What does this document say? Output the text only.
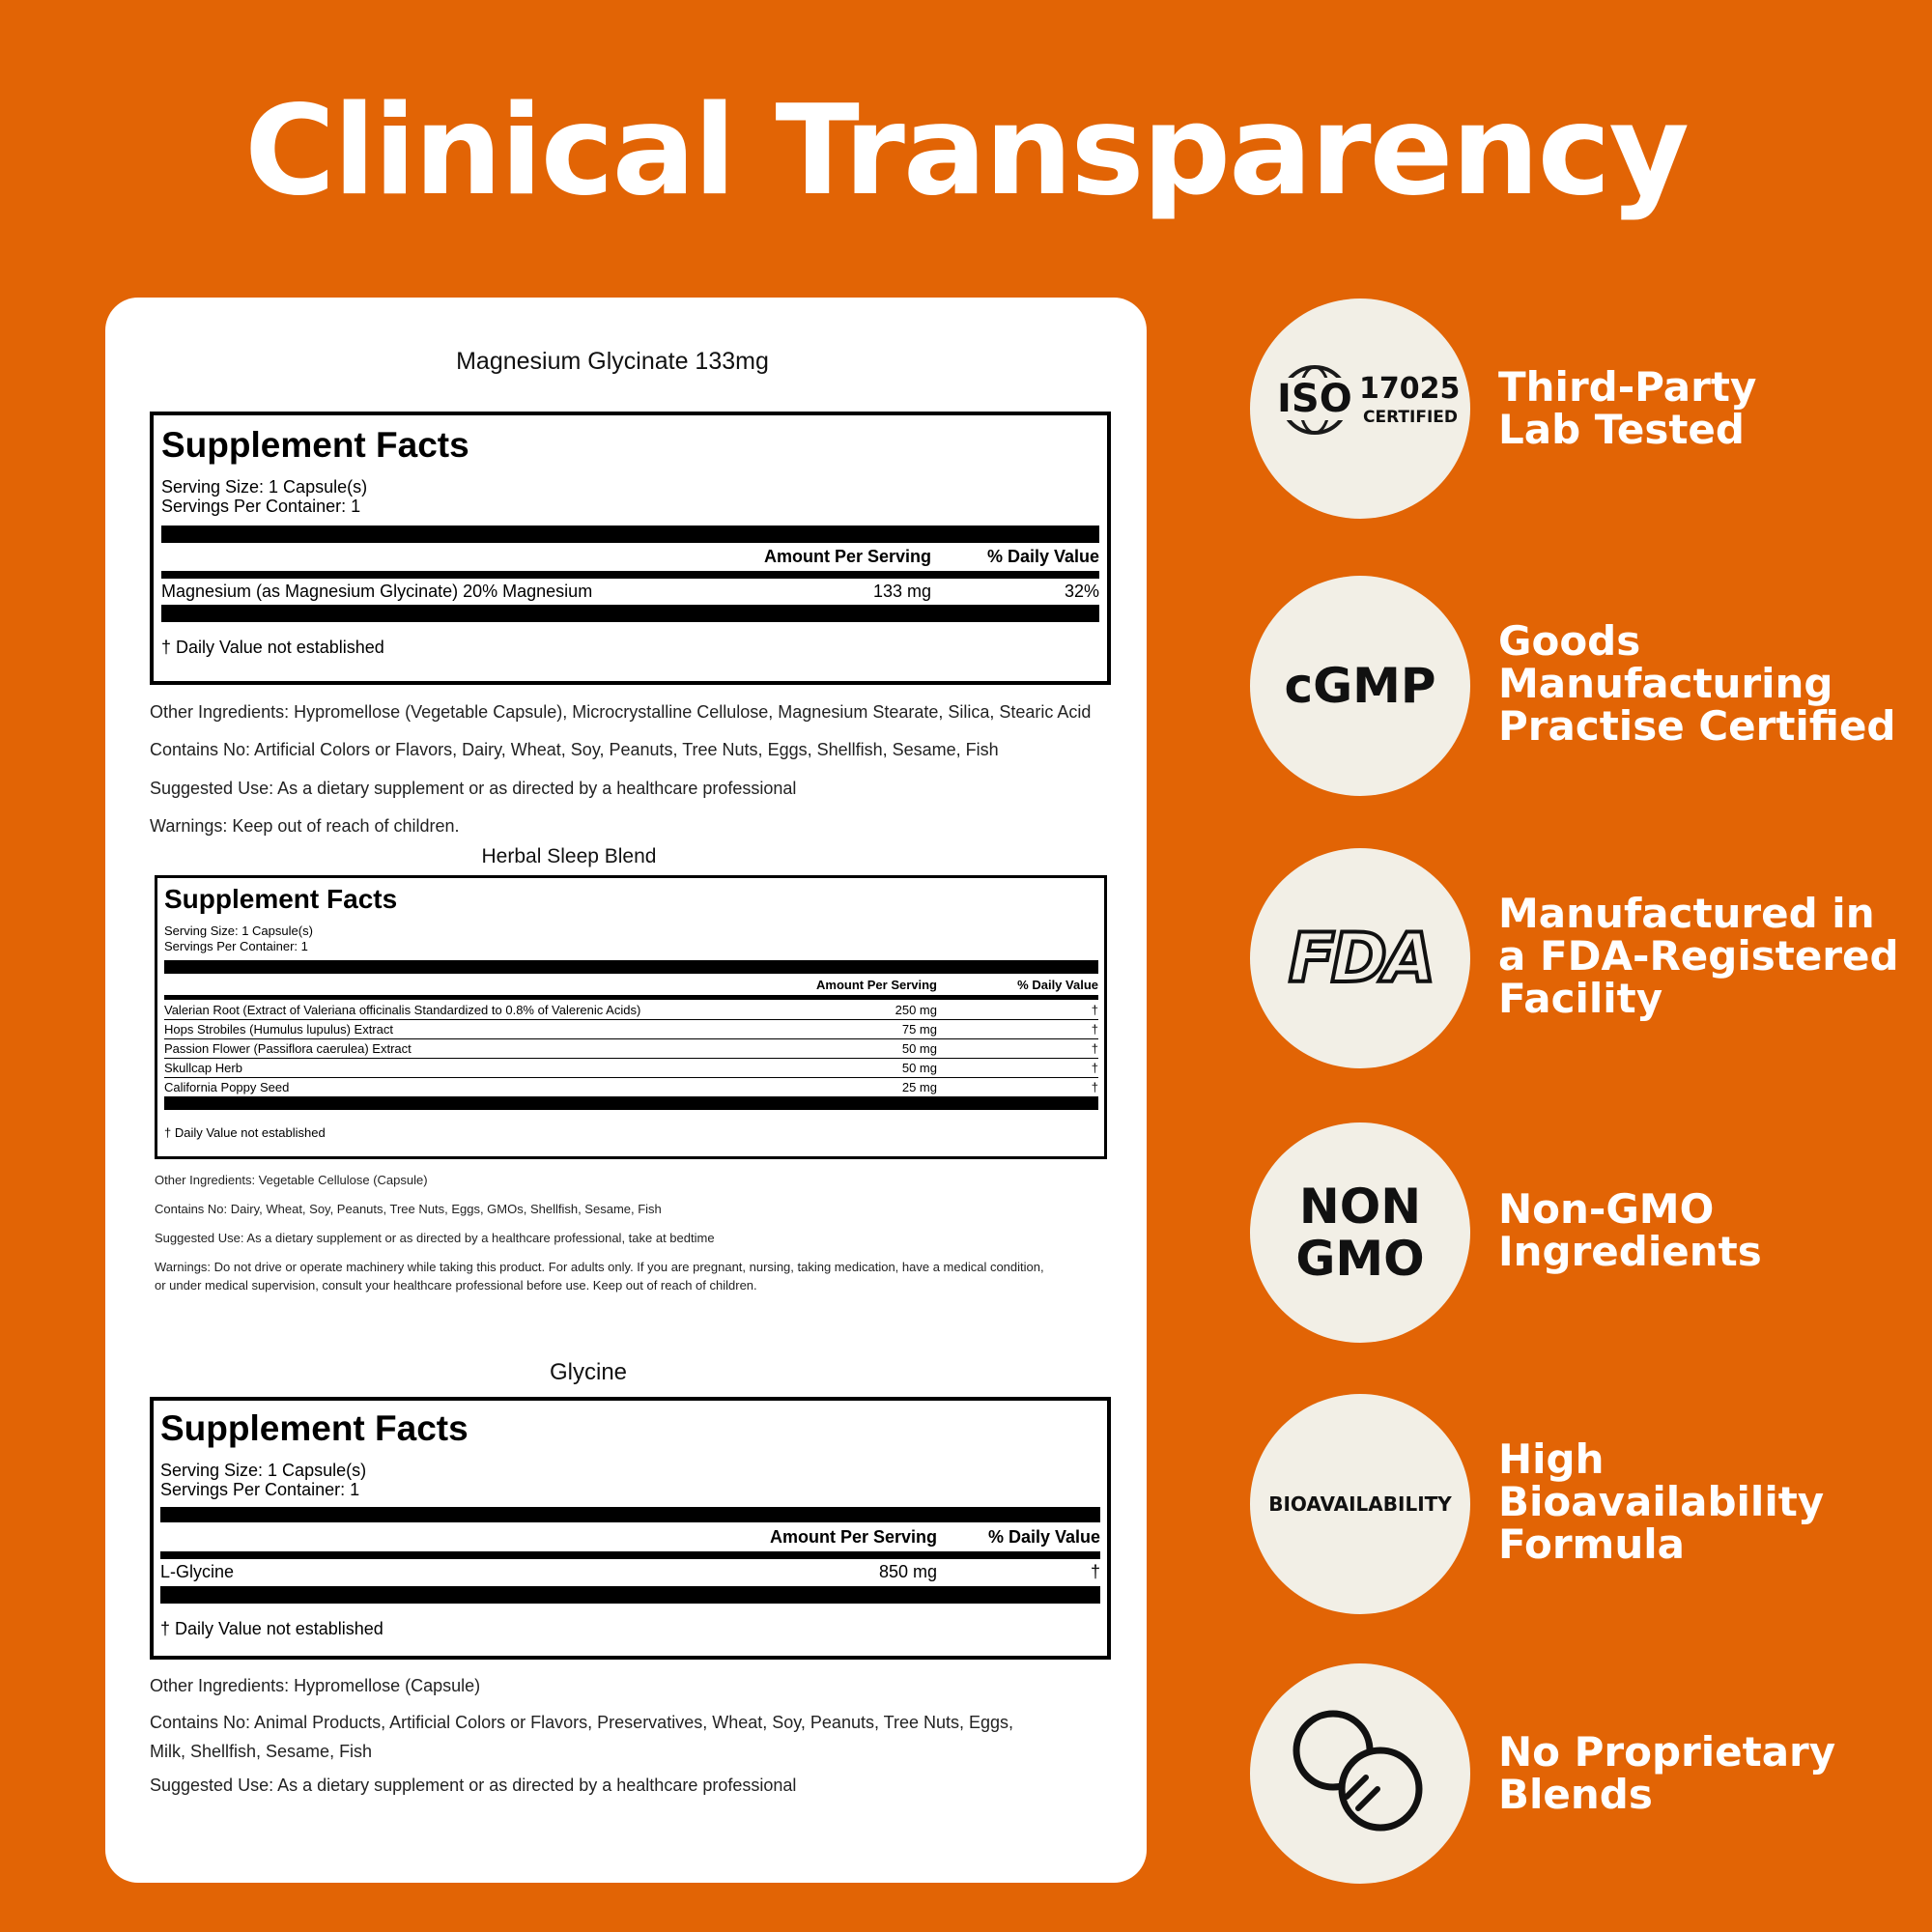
Clinical Transparency
Magnesium Glycinate 133mg
Supplement Facts
Serving Size: 1 Capsule(s)
Servings Per Container: 1
Amount Per Serving	% Daily Value
Magnesium (as Magnesium Glycinate) 20% Magnesium	133 mg	32%
† Daily Value not established
Other Ingredients: Hypromellose (Vegetable Capsule), Microcrystalline Cellulose, Magnesium Stearate, Silica, Stearic Acid
Contains No: Artificial Colors or Flavors, Dairy, Wheat, Soy, Peanuts, Tree Nuts, Eggs, Shellfish, Sesame, Fish
Suggested Use: As a dietary supplement or as directed by a healthcare professional
Warnings: Keep out of reach of children.
Herbal Sleep Blend
Supplement Facts
Serving Size: 1 Capsule(s)
Servings Per Container: 1
Amount Per Serving	% Daily Value
Valerian Root (Extract of Valeriana officinalis Standardized to 0.8% of Valerenic Acids)	250 mg	†
Hops Strobiles (Humulus lupulus) Extract	75 mg	†
Passion Flower (Passiflora caerulea) Extract	50 mg	†
Skullcap Herb	50 mg	†
California Poppy Seed	25 mg	†
† Daily Value not established
Other Ingredients: Vegetable Cellulose (Capsule)
Contains No: Dairy, Wheat, Soy, Peanuts, Tree Nuts, Eggs, GMOs, Shellfish, Sesame, Fish
Suggested Use: As a dietary supplement or as directed by a healthcare professional, take at bedtime
Warnings: Do not drive or operate machinery while taking this product. For adults only. If you are pregnant, nursing, taking medication, have a medical condition,
or under medical supervision, consult your healthcare professional before use. Keep out of reach of children.
Glycine
Supplement Facts
Serving Size: 1 Capsule(s)
Servings Per Container: 1
Amount Per Serving	% Daily Value
L-Glycine	850 mg	†
† Daily Value not established
Other Ingredients: Hypromellose (Capsule)
Contains No: Animal Products, Artificial Colors or Flavors, Preservatives, Wheat, Soy, Peanuts, Tree Nuts, Eggs,
Milk, Shellfish, Sesame, Fish
Suggested Use: As a dietary supplement or as directed by a healthcare professional
ISO 17025
CERTIFIED
Third-Party
Lab Tested
cGMP
Goods
Manufacturing
Practise Certified
FDA
Manufactured in
a FDA-Registered
Facility
NON
GMO
Non-GMO
Ingredients
BIOAVAILABILITY
High
Bioavailability
Formula
No Proprietary
Blends
